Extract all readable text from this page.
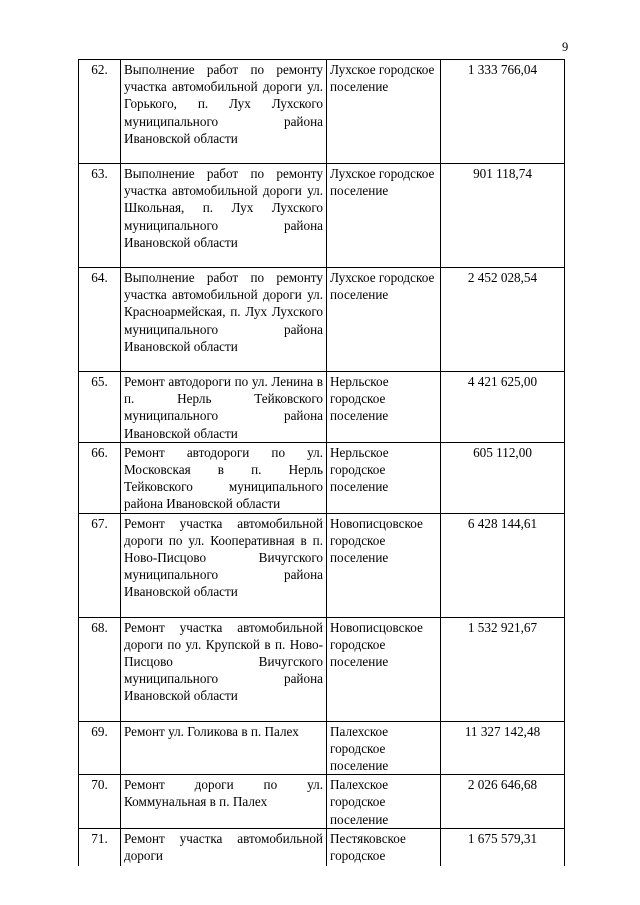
9
62.	Выполнение работ по ремонту участка автомобильной дороги ул. Горького, п. Лух Лухского муниципального района Ивановской области	Лухское городское поселение	1 333 766,04
63.	Выполнение работ по ремонту участка автомобильной дороги ул. Школьная, п. Лух Лухского муниципального района Ивановской области	Лухское городское поселение	901 118,74
64.	Выполнение работ по ремонту участка автомобильной дороги ул. Красноармейская, п. Лух Лухского муниципального района Ивановской области	Лухское городское поселение	2 452 028,54
65.	Ремонт автодороги по ул. Ленина в п. Нерль Тейковского муниципального района Ивановской области	Нерльское городское поселение	4 421 625,00
66.	Ремонт автодороги по ул. Московская в п. Нерль Тейковского муниципального района Ивановской области	Нерльское городское поселение	605 112,00
67.	Ремонт участка автомобильной дороги по ул. Кооперативная в п. Ново-Писцово Вичугского муниципального района Ивановской области	Новописцовское городское поселение	6 428 144,61
68.	Ремонт участка автомобильной дороги по ул. Крупской в п. Ново-Писцово Вичугского муниципального района Ивановской области	Новописцовское городское поселение	1 532 921,67
69.	Ремонт ул. Голикова в п. Палех	Палехское городское поселение	11 327 142,48
70.	Ремонт дороги по ул. Коммунальная в п. Палех	Палехское городское поселение	2 026 646,68
71.	Ремонт участка автомобильной дороги	Пестяковское городское	1 675 579,31
